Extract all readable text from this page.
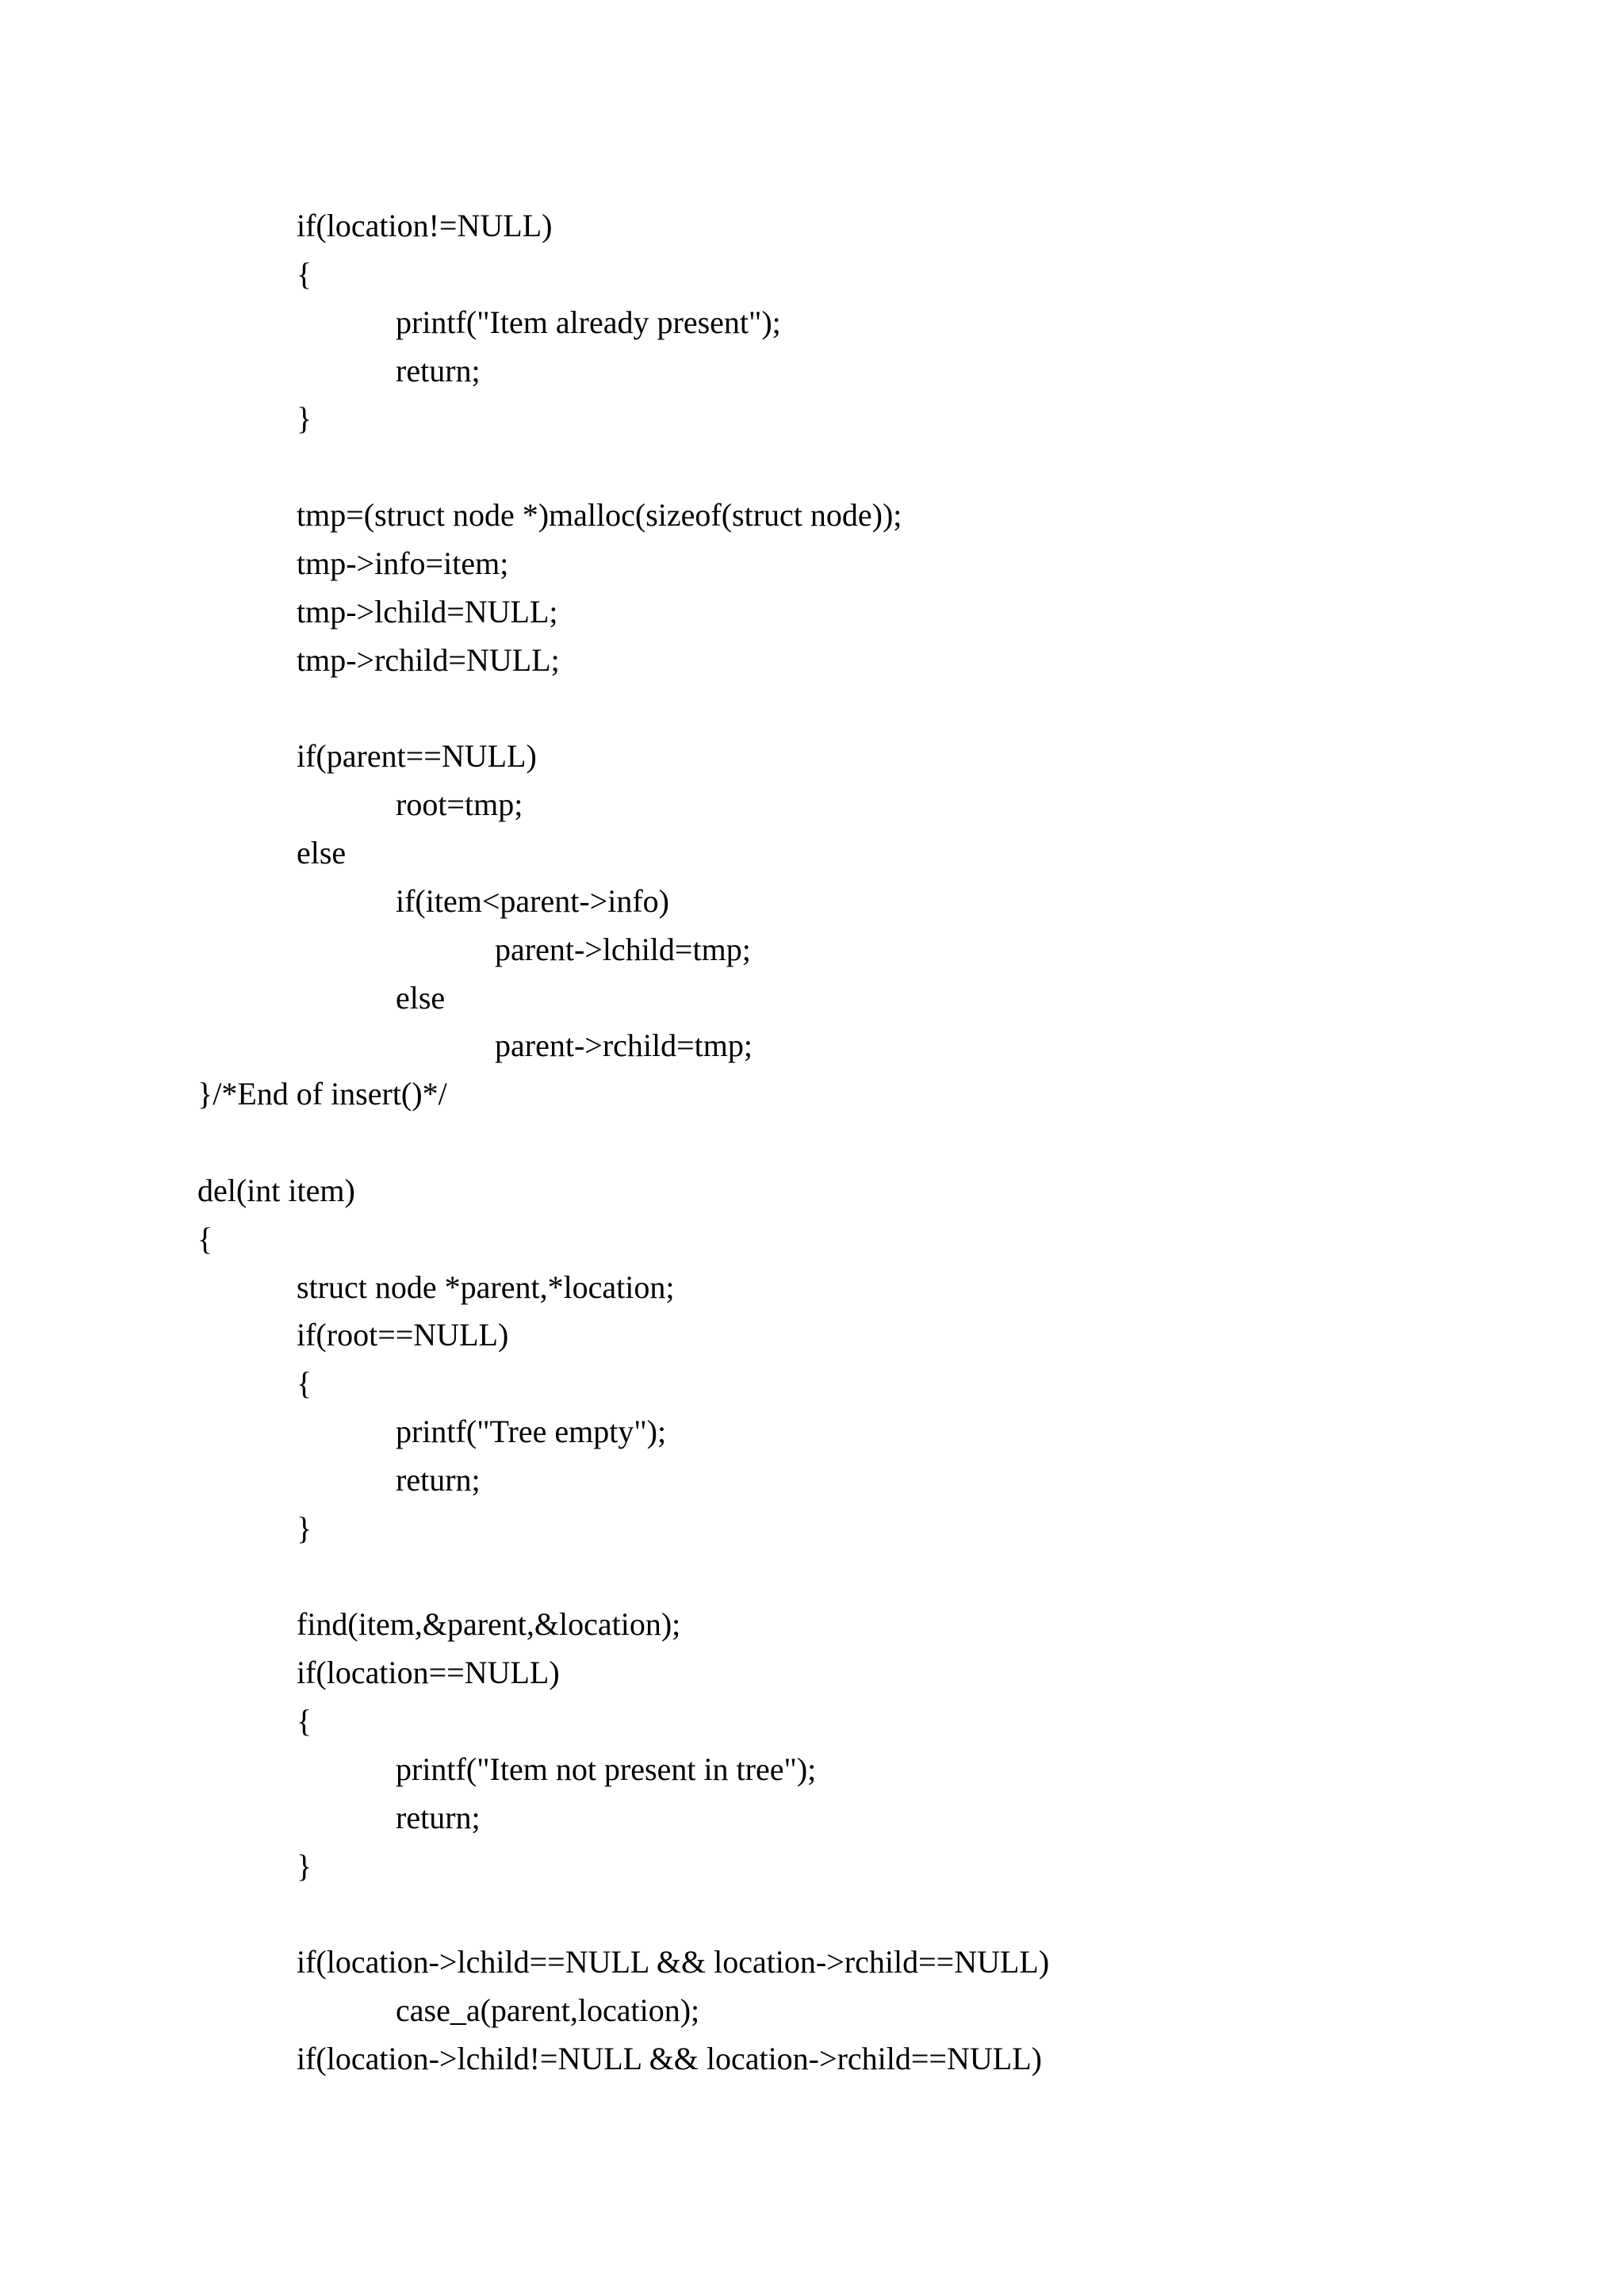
if(location!=NULL)
{
printf("Item already present");
return;
}
tmp=(struct node *)malloc(sizeof(struct node));
tmp->info=item;
tmp->lchild=NULL;
tmp->rchild=NULL;
if(parent==NULL)
root=tmp;
else
if(item<parent->info)
parent->lchild=tmp;
else
parent->rchild=tmp;
}/*End of insert()*/
del(int item)
{
struct node *parent,*location;
if(root==NULL)
{
printf("Tree empty");
return;
}
find(item,&parent,&location);
if(location==NULL)
{
printf("Item not present in tree");
return;
}
if(location->lchild==NULL && location->rchild==NULL)
case_a(parent,location);
if(location->lchild!=NULL && location->rchild==NULL)
